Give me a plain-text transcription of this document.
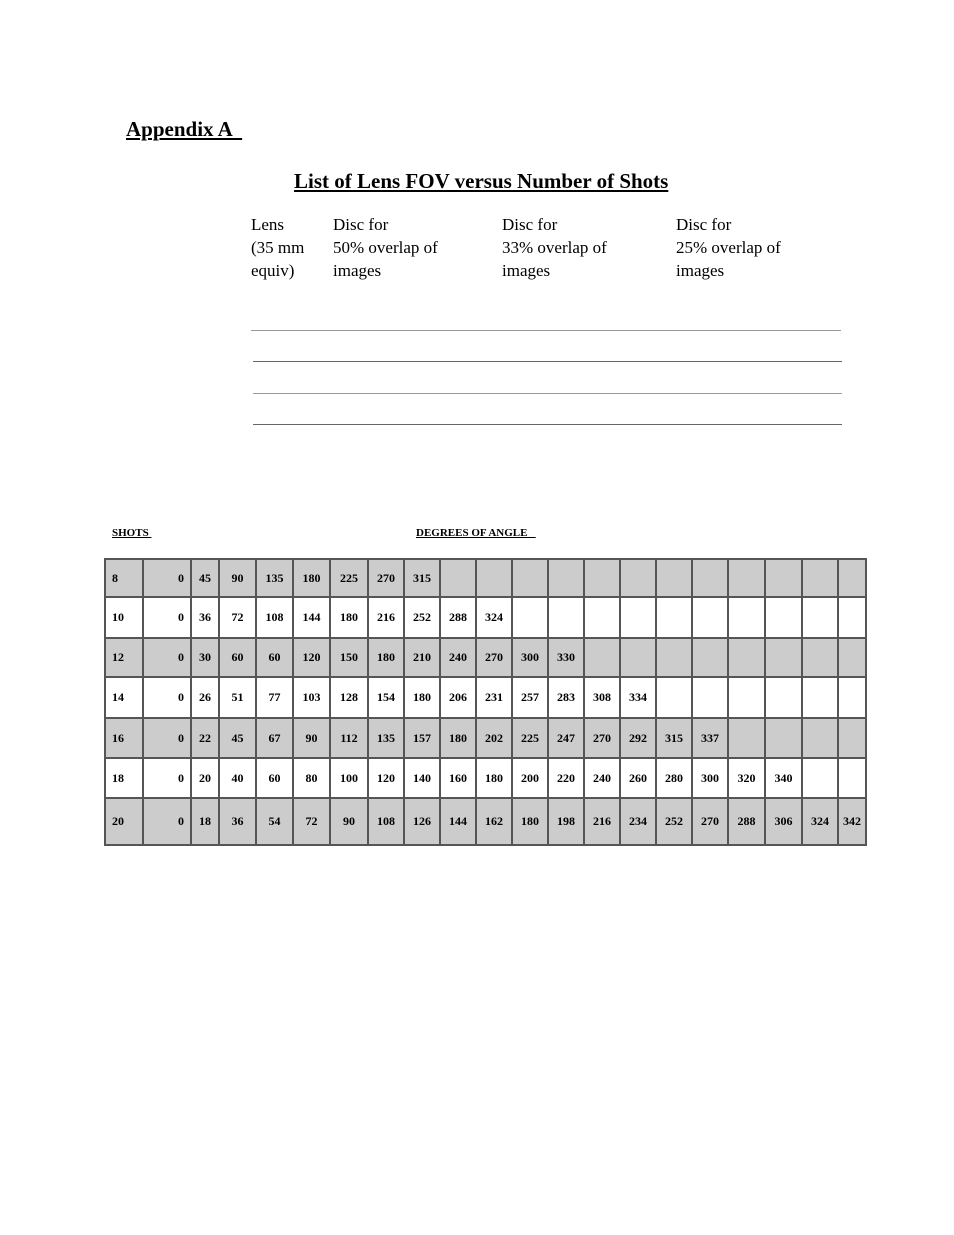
Appendix A
List of Lens FOV versus Number of Shots
Lens
(35 mm
equiv)
Disc for
50% overlap of
images
Disc for
33% overlap of
images
Disc for
25% overlap of
images
SHOTS	DEGREES OF ANGLE
8	0	45	90	135	180	225	270	315												
10	0	36	72	108	144	180	216	252	288	324										
12	0	30	60	60	120	150	180	210	240	270	300	330								
14	0	26	51	77	103	128	154	180	206	231	257	283	308	334						
16	0	22	45	67	90	112	135	157	180	202	225	247	270	292	315	337				
18	0	20	40	60	80	100	120	140	160	180	200	220	240	260	280	300	320	340		
20	0	18	36	54	72	90	108	126	144	162	180	198	216	234	252	270	288	306	324	342
